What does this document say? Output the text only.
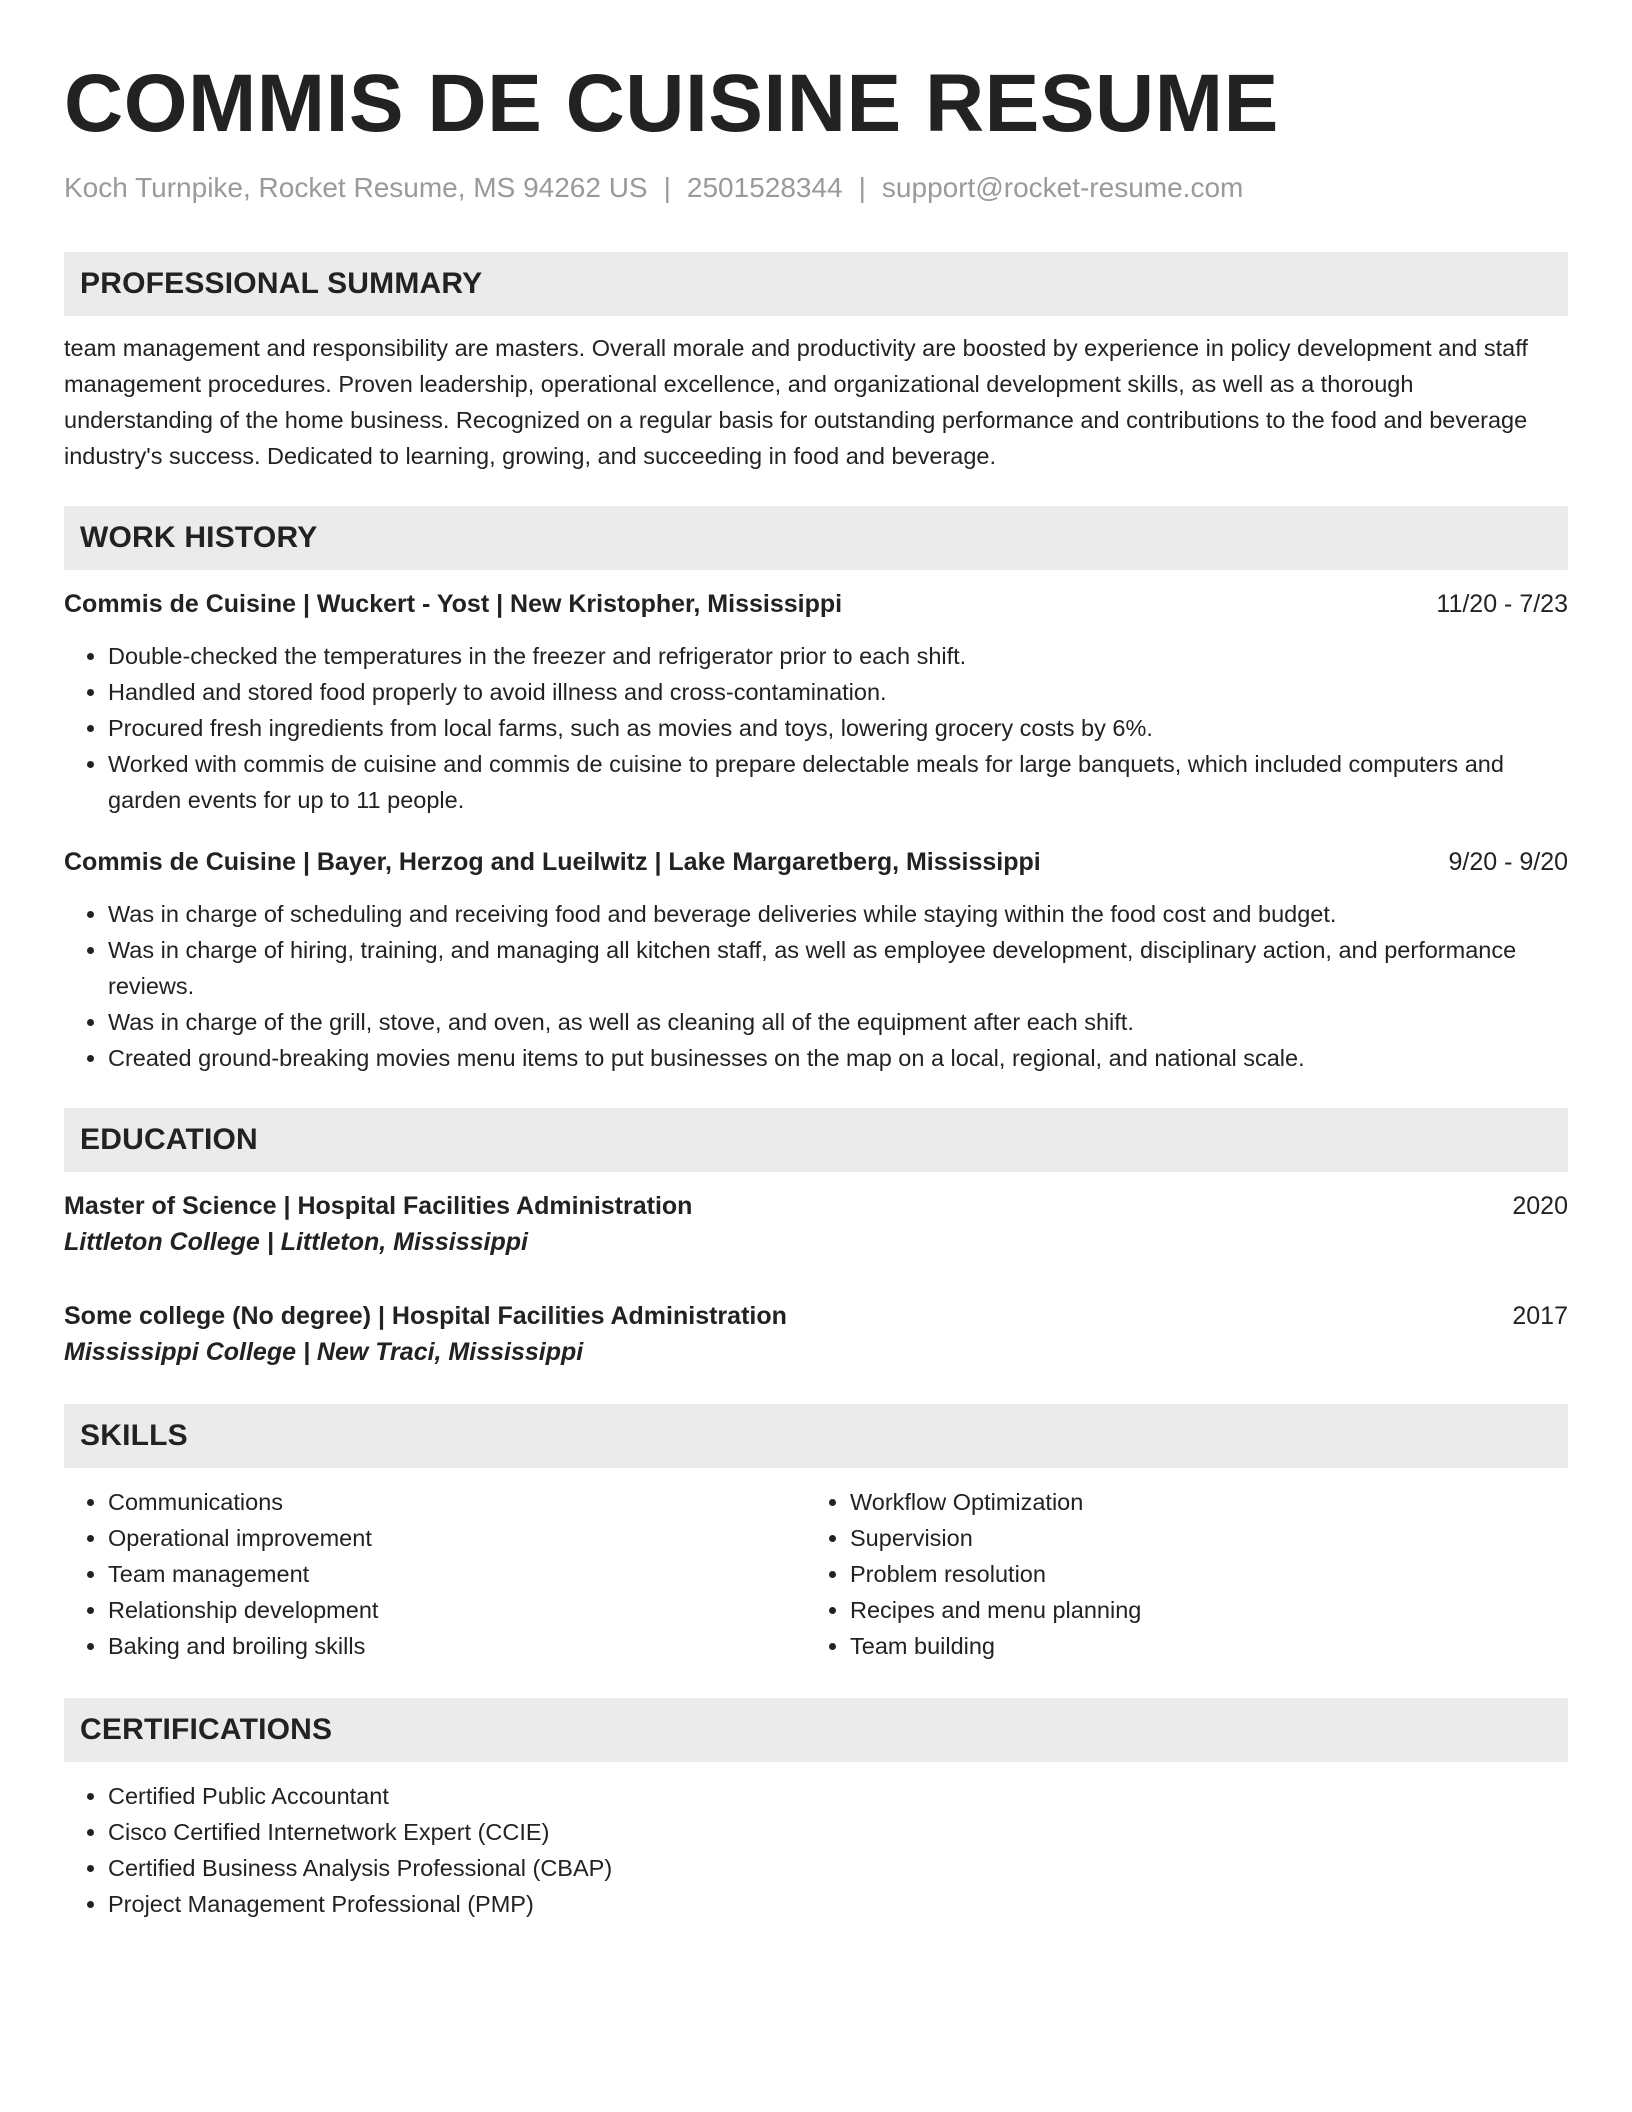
COMMIS DE CUISINE RESUME
Koch Turnpike, Rocket Resume, MS 94262 US | 2501528344 | support@rocket-resume.com
PROFESSIONAL SUMMARY

team management and responsibility are masters. Overall morale and productivity are boosted by experience in policy development and staff management procedures. Proven leadership, operational excellence, and organizational development skills, as well as a thorough understanding of the home business. Recognized on a regular basis for outstanding performance and contributions to the food and beverage industry's success. Dedicated to learning, growing, and succeeding in food and beverage.

WORK HISTORY
Commis de Cuisine | Wuckert - Yost | New Kristopher, Mississippi	11/20 - 7/23
• Double-checked the temperatures in the freezer and refrigerator prior to each shift.
• Handled and stored food properly to avoid illness and cross-contamination.
• Procured fresh ingredients from local farms, such as movies and toys, lowering grocery costs by 6%.
• Worked with commis de cuisine and commis de cuisine to prepare delectable meals for large banquets, which included computers and garden events for up to 11 people.
Commis de Cuisine | Bayer, Herzog and Lueilwitz | Lake Margaretberg, Mississippi	9/20 - 9/20
• Was in charge of scheduling and receiving food and beverage deliveries while staying within the food cost and budget.
• Was in charge of hiring, training, and managing all kitchen staff, as well as employee development, disciplinary action, and performance reviews.
• Was in charge of the grill, stove, and oven, as well as cleaning all of the equipment after each shift.
• Created ground-breaking movies menu items to put businesses on the map on a local, regional, and national scale.
EDUCATION
Master of Science | Hospital Facilities Administration	2020
Littleton College | Littleton, Mississippi
Some college (No degree) | Hospital Facilities Administration	2017
Mississippi College | New Traci, Mississippi
SKILLS
• Communications
• Operational improvement
• Team management
• Relationship development
• Baking and broiling skills
• Workflow Optimization
• Supervision
• Problem resolution
• Recipes and menu planning
• Team building
CERTIFICATIONS
• Certified Public Accountant
• Cisco Certified Internetwork Expert (CCIE)
• Certified Business Analysis Professional (CBAP)
• Project Management Professional (PMP)
